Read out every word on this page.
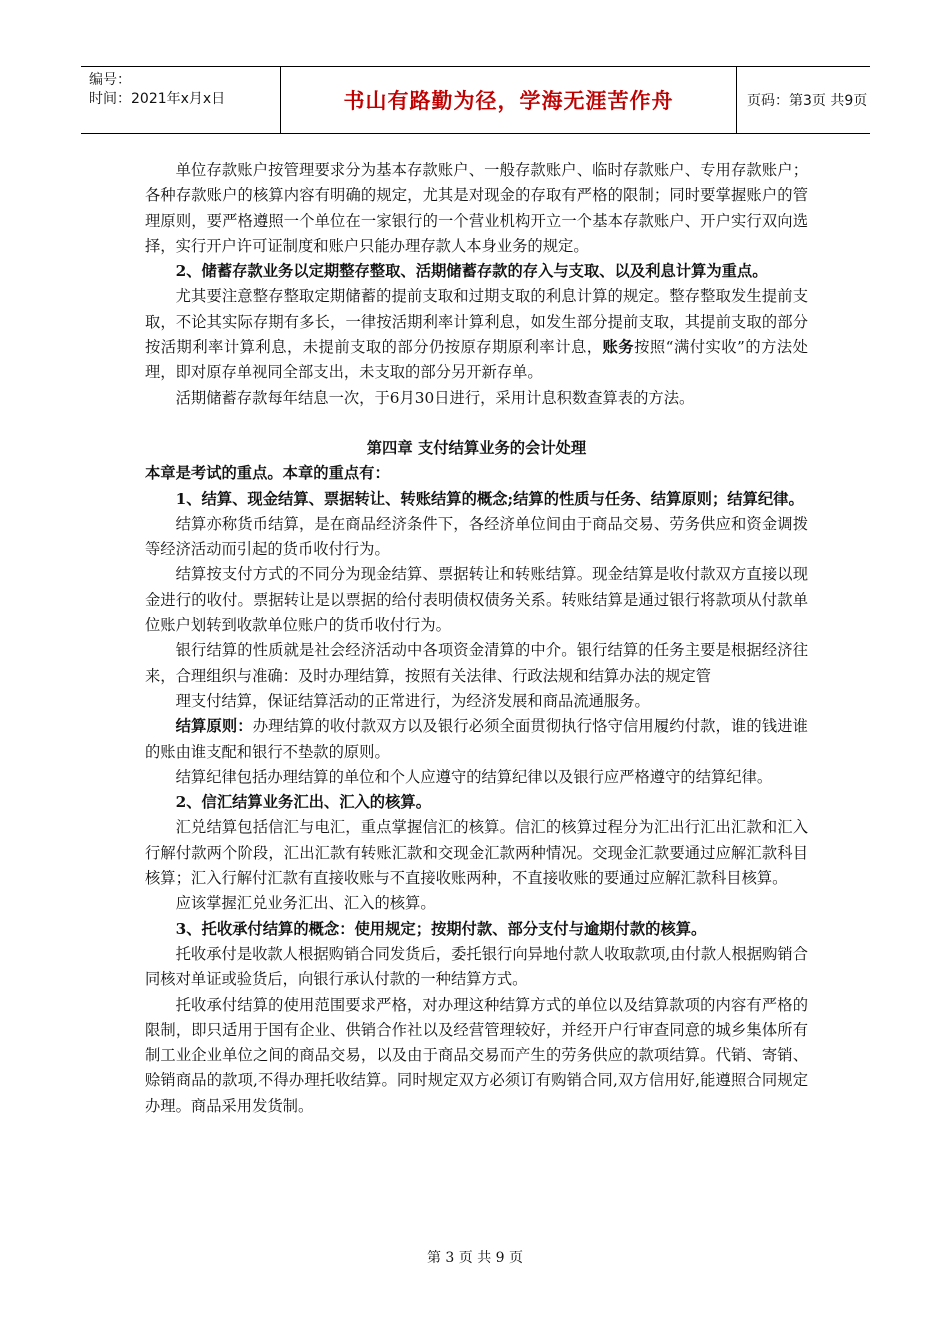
编号：
时间：2021年x月x日	书山有路勤为径，学海无涯苦作舟	页码：第3页 共9页

单位存款账户按管理要求分为基本存款账户、一般存款账户、临时存款账户、专用存款账户；各种存款账户的核算内容有明确的规定，尤其是对现金的存取有严格的限制；同时要掌握账户的管理原则，要严格遵照一个单位在一家银行的一个营业机构开立一个基本存款账户、开户实行双向选择，实行开户许可证制度和账户只能办理存款人本身业务的规定。

2、储蓄存款业务以定期整存整取、活期储蓄存款的存入与支取、以及利息计算为重点。

尤其要注意整存整取定期储蓄的提前支取和过期支取的利息计算的规定。整存整取发生提前支取，不论其实际存期有多长，一律按活期利率计算利息，如发生部分提前支取，其提前支取的部分按活期利率计算利息，未提前支取的部分仍按原存期原利率计息，账务按照“满付实收”的方法处理，即对原存单视同全部支出，未支取的部分另开新存单。

活期储蓄存款每年结息一次，于6月30日进行，采用计息积数查算表的方法。

第四章 支付结算业务的会计处理

本章是考试的重点。本章的重点有：

1、结算、现金结算、票据转让、转账结算的概念;结算的性质与任务、结算原则；结算纪律。

结算亦称货币结算，是在商品经济条件下，各经济单位间由于商品交易、劳务供应和资金调拨等经济活动而引起的货币收付行为。

结算按支付方式的不同分为现金结算、票据转让和转账结算。现金结算是收付款双方直接以现金进行的收付。票据转让是以票据的给付表明债权债务关系。转账结算是通过银行将款项从付款单位账户划转到收款单位账户的货币收付行为。

银行结算的性质就是社会经济活动中各项资金清算的中介。银行结算的任务主要是根据经济往来，合理组织与准确：及时办理结算，按照有关法律、行政法规和结算办法的规定管

理支付结算，保证结算活动的正常进行，为经济发展和商品流通服务。

结算原则：办理结算的收付款双方以及银行必须全面贯彻执行恪守信用履约付款，谁的钱进谁的账由谁支配和银行不垫款的原则。

结算纪律包括办理结算的单位和个人应遵守的结算纪律以及银行应严格遵守的结算纪律。

2、信汇结算业务汇出、汇入的核算。

汇兑结算包括信汇与电汇，重点掌握信汇的核算。信汇的核算过程分为汇出行汇出汇款和汇入行解付款两个阶段，汇出汇款有转账汇款和交现金汇款两种情况。交现金汇款要通过应解汇款科目核算；汇入行解付汇款有直接收账与不直接收账两种，不直接收账的要通过应解汇款科目核算。

应该掌握汇兑业务汇出、汇入的核算。

3、托收承付结算的概念：使用规定；按期付款、部分支付与逾期付款的核算。

托收承付是收款人根据购销合同发货后，委托银行向异地付款人收取款项,由付款人根据购销合同核对单证或验货后，向银行承认付款的一种结算方式。

托收承付结算的使用范围要求严格，对办理这种结算方式的单位以及结算款项的内容有严格的限制，即只适用于国有企业、供销合作社以及经营管理较好，并经开户行审查同意的城乡集体所有制工业企业单位之间的商品交易，以及由于商品交易而产生的劳务供应的款项结算。代销、寄销、赊销商品的款项,不得办理托收结算。同时规定双方必须订有购销合同,双方信用好,能遵照合同规定办理。商品采用发货制。

第 3 页 共 9 页
